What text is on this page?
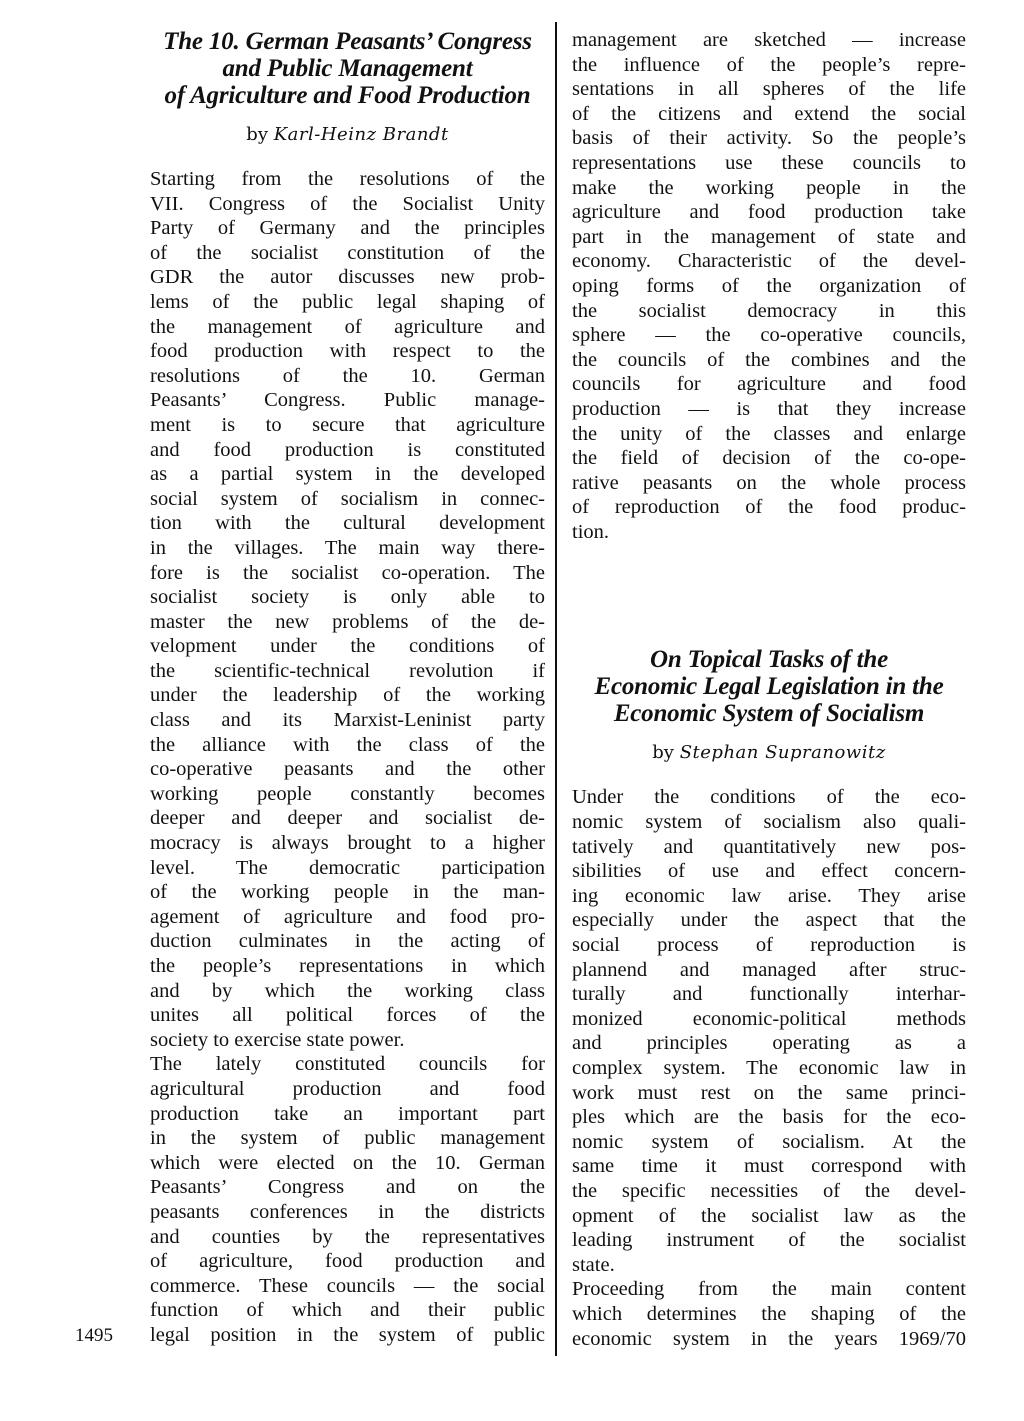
The 10. German Peasants’ Congress
and Public Management
of Agriculture and Food Production
by Karl-Heinz Brandt

Starting from the resolutions of the
VII. Congress of the Socialist Unity
Party of Germany and the principles
of the socialist constitution of the
GDR the autor discusses new prob-
lems of the public legal shaping of
the management of agriculture and
food production with respect to the
resolutions of the 10. German
Peasants’ Congress. Public manage-
ment is to secure that agriculture
and food production is constituted
as a partial system in the developed
social system of socialism in connec-
tion with the cultural development
in the villages. The main way there-
fore is the socialist co-operation. The
socialist society is only able to
master the new problems of the de-
velopment under the conditions of
the scientific-technical revolution if
under the leadership of the working
class and its Marxist-Leninist party
the alliance with the class of the
co-operative peasants and the other
working people constantly becomes
deeper and deeper and socialist de-
mocracy is always brought to a higher
level. The democratic participation
of the working people in the man-
agement of agriculture and food pro-
duction culminates in the acting of
the people’s representations in which
and by which the working class
unites all political forces of the
society to exercise state power.

The lately constituted councils for
agricultural production and food
production take an important part
in the system of public management
which were elected on the 10. German
Peasants’ Congress and on the
peasants conferences in the districts
and counties by the representatives
of agriculture, food production and
commerce. These councils — the social
function of which and their public
legal position in the system of public

management are sketched — increase
the influence of the people’s repre-
sentations in all spheres of the life
of the citizens and extend the social
basis of their activity. So the people’s
representations use these councils to
make the working people in the
agriculture and food production take
part in the management of state and
economy. Characteristic of the devel-
oping forms of the organization of
the socialist democracy in this
sphere — the co-operative councils,
the councils of the combines and the
councils for agriculture and food
production — is that they increase
the unity of the classes and enlarge
the field of decision of the co-ope-
rative peasants on the whole process
of reproduction of the food produc-
tion.

On Topical Tasks of the
Economic Legal Legislation in the
Economic System of Socialism
by Stephan Supranowitz

Under the conditions of the eco-
nomic system of socialism also quali-
tatively and quantitatively new pos-
sibilities of use and effect concern-
ing economic law arise. They arise
especially under the aspect that the
social process of reproduction is
plannend and managed after struc-
turally and functionally interhar-
monized economic-political methods
and principles operating as a
complex system. The economic law in
work must rest on the same princi-
ples which are the basis for the eco-
nomic system of socialism. At the
same time it must correspond with
the specific necessities of the devel-
opment of the socialist law as the
leading instrument of the socialist
state.

Proceeding from the main content
which determines the shaping of the
economic system in the years 1969/70

1495
